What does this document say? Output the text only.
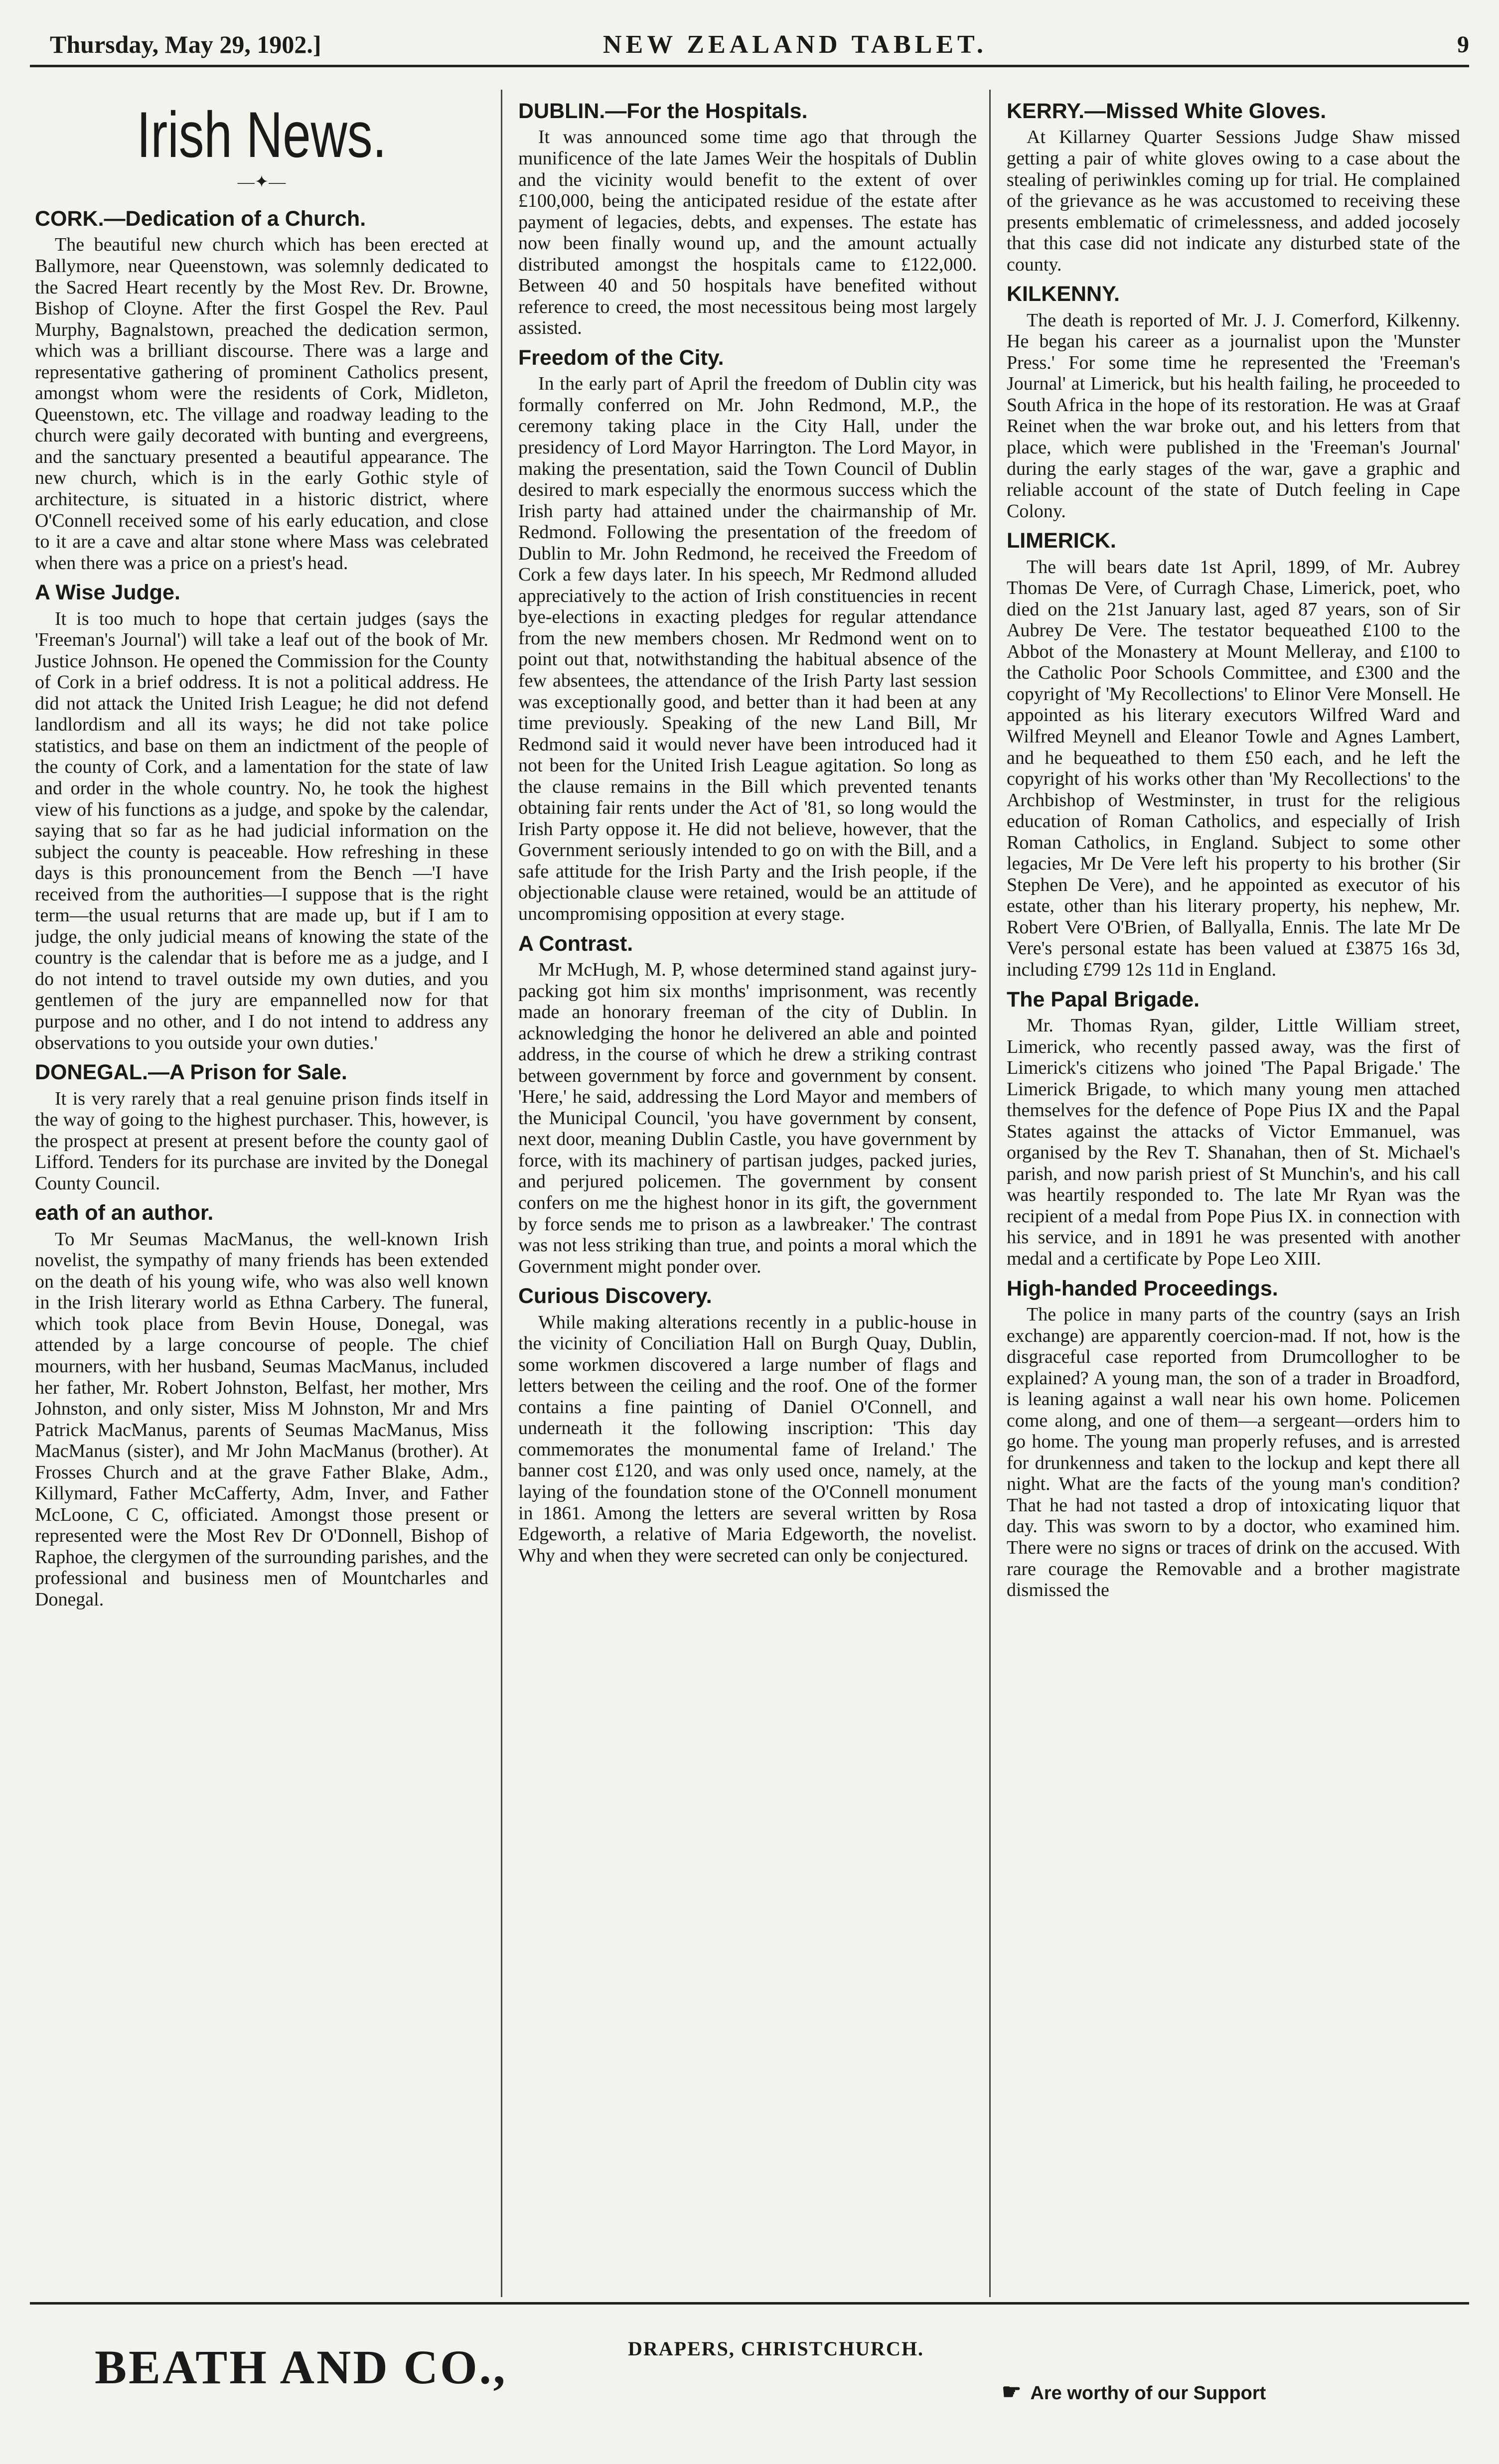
Thursday, May 29, 1902.]	NEW ZEALAND TABLET.	9
Irish News.
—✦—
CORK.—Dedication of a Church.

The beautiful new church which has been erected at Ballymore, near Queenstown, was solemnly dedicated to the Sacred Heart recently by the Most Rev. Dr. Browne, Bishop of Cloyne. After the first Gospel the Rev. Paul Murphy, Bagnalstown, preached the dedication sermon, which was a brilliant discourse. There was a large and representative gathering of prominent Catholics present, amongst whom were the residents of Cork, Midleton, Queenstown, etc. The village and roadway leading to the church were gaily decorated with bunting and evergreens, and the sanctuary presented a beautiful appearance. The new church, which is in the early Gothic style of architecture, is situated in a historic district, where O'Connell received some of his early education, and close to it are a cave and altar stone where Mass was celebrated when there was a price on a priest's head.

A Wise Judge.

It is too much to hope that certain judges (says the 'Freeman's Journal') will take a leaf out of the book of Mr. Justice Johnson. He opened the Commission for the County of Cork in a brief oddress. It is not a political address. He did not attack the United Irish League; he did not defend landlordism and all its ways; he did not take police statistics, and base on them an indictment of the people of the county of Cork, and a lamentation for the state of law and order in the whole country. No, he took the highest view of his functions as a judge, and spoke by the calendar, saying that so far as he had judicial information on the subject the county is peaceable. How refreshing in these days is this pronouncement from the Bench —'I have received from the authorities—I suppose that is the right term—the usual returns that are made up, but if I am to judge, the only judicial means of knowing the state of the country is the calendar that is before me as a judge, and I do not intend to travel outside my own duties, and you gentlemen of the jury are empannelled now for that purpose and no other, and I do not intend to address any observations to you outside your own duties.'

DONEGAL.—A Prison for Sale.

It is very rarely that a real genuine prison finds itself in the way of going to the highest purchaser. This, however, is the prospect at present at present before the county gaol of Lifford. Tenders for its purchase are invited by the Donegal County Council.

eath of an author.

To Mr Seumas MacManus, the well-known Irish novelist, the sympathy of many friends has been extended on the death of his young wife, who was also well known in the Irish literary world as Ethna Carbery. The funeral, which took place from Bevin House, Donegal, was attended by a large concourse of people. The chief mourners, with her husband, Seumas MacManus, included her father, Mr. Robert Johnston, Belfast, her mother, Mrs Johnston, and only sister, Miss M Johnston, Mr and Mrs Patrick MacManus, parents of Seumas MacManus, Miss MacManus (sister), and Mr John MacManus (brother). At Frosses Church and at the grave Father Blake, Adm., Killymard, Father McCafferty, Adm, Inver, and Father McLoone, C C, officiated. Amongst those present or represented were the Most Rev Dr O'Donnell, Bishop of Raphoe, the clergymen of the surrounding parishes, and the professional and business men of Mountcharles and Donegal.

DUBLIN.—For the Hospitals.

It was announced some time ago that through the munificence of the late James Weir the hospitals of Dublin and the vicinity would benefit to the extent of over £100,000, being the anticipated residue of the estate after payment of legacies, debts, and expenses. The estate has now been finally wound up, and the amount actually distributed amongst the hospitals came to £122,000. Between 40 and 50 hospitals have benefited without reference to creed, the most necessitous being most largely assisted.

Freedom of the City.

In the early part of April the freedom of Dublin city was formally conferred on Mr. John Redmond, M.P., the ceremony taking place in the City Hall, under the presidency of Lord Mayor Harrington. The Lord Mayor, in making the presentation, said the Town Council of Dublin desired to mark especially the enormous success which the Irish party had attained under the chairmanship of Mr. Redmond. Following the presentation of the freedom of Dublin to Mr. John Redmond, he received the Freedom of Cork a few days later. In his speech, Mr Redmond alluded appreciatively to the action of Irish constituencies in recent bye-elections in exacting pledges for regular attendance from the new members chosen. Mr Redmond went on to point out that, notwithstanding the habitual absence of the few absentees, the attendance of the Irish Party last session was exceptionally good, and better than it had been at any time previously. Speaking of the new Land Bill, Mr Redmond said it would never have been introduced had it not been for the United Irish League agitation. So long as the clause remains in the Bill which prevented tenants obtaining fair rents under the Act of '81, so long would the Irish Party oppose it. He did not believe, however, that the Government seriously intended to go on with the Bill, and a safe attitude for the Irish Party and the Irish people, if the objectionable clause were retained, would be an attitude of uncompromising opposition at every stage.

A Contrast.

Mr McHugh, M. P, whose determined stand against jury-packing got him six months' imprisonment, was recently made an honorary freeman of the city of Dublin. In acknowledging the honor he delivered an able and pointed address, in the course of which he drew a striking contrast between government by force and government by consent. 'Here,' he said, addressing the Lord Mayor and members of the Municipal Council, 'you have government by consent, next door, meaning Dublin Castle, you have government by force, with its machinery of partisan judges, packed juries, and perjured policemen. The government by consent confers on me the highest honor in its gift, the government by force sends me to prison as a lawbreaker.' The contrast was not less striking than true, and points a moral which the Government might ponder over.

Curious Discovery.

While making alterations recently in a public-house in the vicinity of Conciliation Hall on Burgh Quay, Dublin, some workmen discovered a large number of flags and letters between the ceiling and the roof. One of the former contains a fine painting of Daniel O'Connell, and underneath it the following inscription: 'This day commemorates the monumental fame of Ireland.' The banner cost £120, and was only used once, namely, at the laying of the foundation stone of the O'Connell monument in 1861. Among the letters are several written by Rosa Edgeworth, a relative of Maria Edgeworth, the novelist. Why and when they were secreted can only be conjectured.

KERRY.—Missed White Gloves.

At Killarney Quarter Sessions Judge Shaw missed getting a pair of white gloves owing to a case about the stealing of periwinkles coming up for trial. He complained of the grievance as he was accustomed to receiving these presents emblematic of crimelessness, and added jocosely that this case did not indicate any disturbed state of the county.

KILKENNY.

The death is reported of Mr. J. J. Comerford, Kilkenny. He began his career as a journalist upon the 'Munster Press.' For some time he represented the 'Freeman's Journal' at Limerick, but his health failing, he proceeded to South Africa in the hope of its restoration. He was at Graaf Reinet when the war broke out, and his letters from that place, which were published in the 'Freeman's Journal' during the early stages of the war, gave a graphic and reliable account of the state of Dutch feeling in Cape Colony.

LIMERICK.

The will bears date 1st April, 1899, of Mr. Aubrey Thomas De Vere, of Curragh Chase, Limerick, poet, who died on the 21st January last, aged 87 years, son of Sir Aubrey De Vere. The testator bequeathed £100 to the Abbot of the Monastery at Mount Melleray, and £100 to the Catholic Poor Schools Committee, and £300 and the copyright of 'My Recollections' to Elinor Vere Monsell. He appointed as his literary executors Wilfred Ward and Wilfred Meynell and Eleanor Towle and Agnes Lambert, and he bequeathed to them £50 each, and he left the copyright of his works other than 'My Recollections' to the Archbishop of Westminster, in trust for the religious education of Roman Catholics, and especially of Irish Roman Catholics, in England. Subject to some other legacies, Mr De Vere left his property to his brother (Sir Stephen De Vere), and he appointed as executor of his estate, other than his literary property, his nephew, Mr. Robert Vere O'Brien, of Ballyalla, Ennis. The late Mr De Vere's personal estate has been valued at £3875 16s 3d, including £799 12s 11d in England.

The Papal Brigade.

Mr. Thomas Ryan, gilder, Little William street, Limerick, who recently passed away, was the first of Limerick's citizens who joined 'The Papal Brigade.' The Limerick Brigade, to which many young men attached themselves for the defence of Pope Pius IX and the Papal States against the attacks of Victor Emmanuel, was organised by the Rev T. Shanahan, then of St. Michael's parish, and now parish priest of St Munchin's, and his call was heartily responded to. The late Mr Ryan was the recipient of a medal from Pope Pius IX. in connection with his service, and in 1891 he was presented with another medal and a certificate by Pope Leo XIII.

High-handed Proceedings.

The police in many parts of the country (says an Irish exchange) are apparently coercion-mad. If not, how is the disgraceful case reported from Drumcollogher to be explained? A young man, the son of a trader in Broadford, is leaning against a wall near his own home. Policemen come along, and one of them—a sergeant—orders him to go home. The young man properly refuses, and is arrested for drunkenness and taken to the lockup and kept there all night. What are the facts of the young man's condition? That he had not tasted a drop of intoxicating liquor that day. This was sworn to by a doctor, who examined him. There were no signs or traces of drink on the accused. With rare courage the Removable and a brother magistrate dismissed the

BEATH AND CO.,	DRAPERS, CHRISTCHURCH.
☛ Are worthy of our Support
